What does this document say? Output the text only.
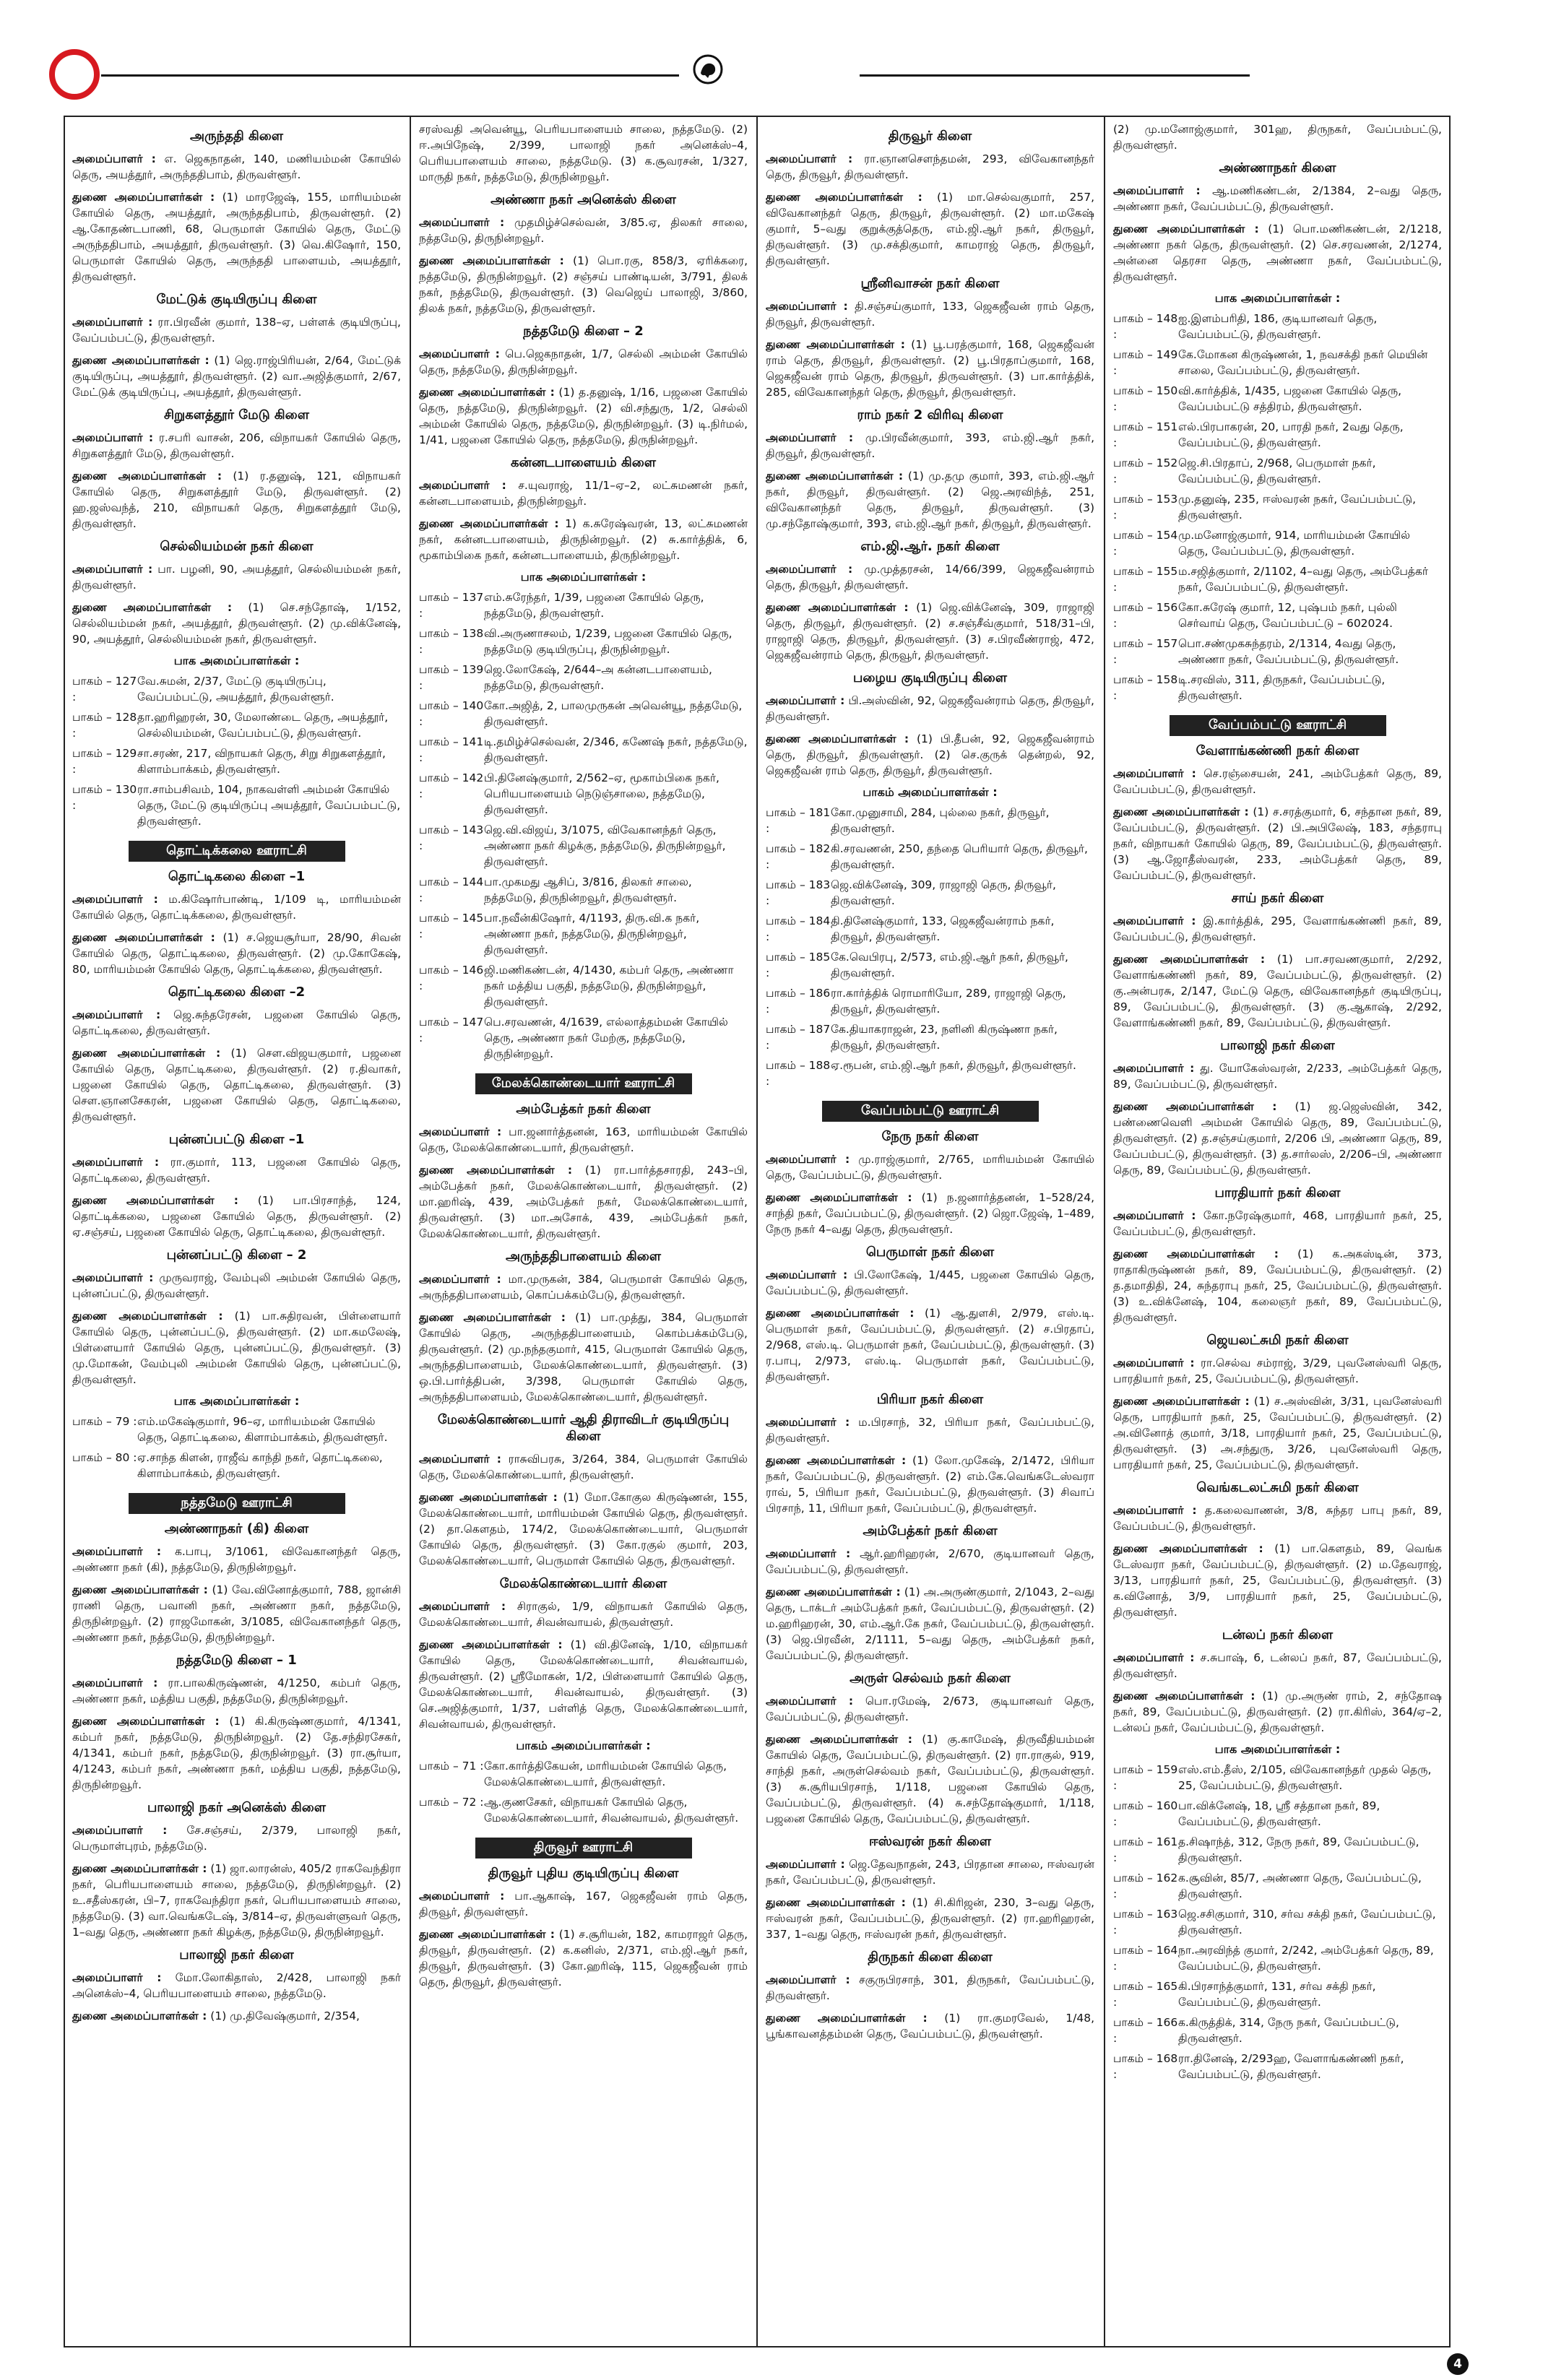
அருந்ததி கிளை

அமைப்பாளர் : எ. ஜெகநாதன், 140, மணியம்மன் கோயில் தெரு, அயத்தூர், அருந்ததிபாம், திருவள்ளூர்.

துணை அமைப்பாளர்கள் : (1) மாரஜேஷ், 155, மாரியம்மன் கோயில் தெரு, அயத்தூர், அருந்ததிபாம், திருவள்ளூர். (2) ஆ.கோதண்டபாணி, 68, பெருமாள் கோயில் தெரு, மேட்டு அருந்ததிபாம், அயத்தூர், திருவள்ளூர். (3) வெ.கிஷோர், 150, பெருமாள் கோயில் தெரு, அருந்ததி பாளையம், அயத்தூர், திருவள்ளூர்.

மேட்டுக் குடியிருப்பு கிளை

அமைப்பாளர் : ரா.பிரவீன் குமார், 138–ஏ, பள்ளக் குடியிருப்பு, வேப்பம்பட்டு, திருவள்ளூர்.

துணை அமைப்பாளர்கள் : (1) ஜெ.ராஜ்பிரியன், 2/64, மேட்டுக் குடியிருப்பு, அயத்தூர், திருவள்ளூர். (2) வா.அஜித்குமார், 2/67, மேட்டுக் குடியிருப்பு, அயத்தூர், திருவள்ளூர்.

சிறுகளத்தூர் மேடு கிளை

அமைப்பாளர் : ர.சபரி வாசன், 206, விநாயகர் கோயில் தெரு, சிறுகளத்தூர் மேடு, திருவள்ளூர்.

துணை அமைப்பாளர்கள் : (1) ர.தனுஷ், 121, விநாயகர் கோயில் தெரு, சிறுகளத்தூர் மேடு, திருவள்ளூர். (2) ஹ.ஜஸ்வந்த், 210, விநாயகர் தெரு, சிறுகளத்தூர் மேடு, திருவள்ளூர்.

செல்லியம்மன் நகர் கிளை

அமைப்பாளர் : பா. பழனி, 90, அயத்தூர், செல்லியம்மன் நகர், திருவள்ளூர்.

துணை அமைப்பாளர்கள் : (1) செ.சந்தோஷ், 1/152, செல்லியம்மன் நகர், அயத்தூர், திருவள்ளூர். (2) மு.விக்னேஷ், 90, அயத்தூர், செல்லியம்மன் நகர், திருவள்ளூர்.

பாக அமைப்பாளர்கள் :
பாகம் – 127 :
வே.சுமன், 2/37, மேட்டு குடியிருப்பு, வேப்பம்பட்டு, அயத்தூர், திருவள்ளூர்.
பாகம் – 128 :
தா.ஹரிஹரன், 30, மேலாண்டை தெரு, அயத்தூர், செல்லியம்மன், வேப்பம்பட்டு, திருவள்ளூர்.
பாகம் – 129 :
சா.சரண், 217, விநாயகர் தெரு, சிறு சிறுகளத்தூர், கிளாம்பாக்கம், திருவள்ளூர்.
பாகம் – 130 :
ரா.சாம்பசிவம், 104, நாகவள்ளி அம்மன் கோயில் தெரு, மேட்டு குடியிருப்பு அயத்தூர், வேப்பம்பட்டு, திருவள்ளூர்.
தொட்டிக்கலை ஊராட்சி
தொட்டிகலை கிளை –1

அமைப்பாளர் : ம.கிஷோர்பாண்டி, 1/109 டி, மாரியம்மன் கோயில் தெரு, தொட்டிக்கலை, திருவள்ளூர்.

துணை அமைப்பாளர்கள் : (1) ச.ஜெயசூர்யா, 28/90, சிவன் கோயில் தெரு, தொட்டிகலை, திருவள்ளூர். (2) மு.கோகேஷ், 80, மாரியம்மன் கோயில் தெரு, தொட்டிக்கலை, திருவள்ளூர்.

தொட்டிகலை கிளை –2

அமைப்பாளர் : ஜெ.சுந்தரேசன், பஜனை கோயில் தெரு, தொட்டிகலை, திருவள்ளூர்.

துணை அமைப்பாளர்கள் : (1) சௌ.விஜயகுமார், பஜனை கோயில் தெரு, தொட்டிகலை, திருவள்ளூர். (2) ர.திவாகர், பஜனை கோயில் தெரு, தொட்டிகலை, திருவள்ளூர். (3) சௌ.ஞானசேகரன், பஜனை கோயில் தெரு, தொட்டிகலை, திருவள்ளூர்.

புன்னப்பட்டு கிளை –1

அமைப்பாளர் : ரா.குமார், 113, பஜனை கோயில் தெரு, தொட்டிகலை, திருவள்ளூர்.

துணை அமைப்பாளர்கள் : (1) பா.பிரசாந்த், 124, தொட்டிக்கலை, பஜனை கோயில் தெரு, திருவள்ளூர். (2) ஏ.சஞ்சய், பஜனை கோயில் தெரு, தொட்டிகலை, திருவள்ளூர்.

புன்னப்பட்டு கிளை – 2

அமைப்பாளர் : முருவராஜ், வேம்புலி அம்மன் கோயில் தெரு, புன்னப்பட்டு, திருவள்ளூர்.

துணை அமைப்பாளர்கள் : (1) பா.சுதிரவன், பிள்ளையார் கோயில் தெரு, புன்னப்பட்டு, திருவள்ளூர். (2) மா.கமலேஷ், பிள்ளையார் கோயில் தெரு, புன்னப்பட்டு, திருவள்ளூர். (3) மு.மோகன், வேம்புலி அம்மன் கோயில் தெரு, புன்னப்பட்டு, திருவள்ளூர்.

பாக அமைப்பாளர்கள் :
பாகம் – 79 : எம்.மகேஷ்குமார், 96–ஏ, மாரியம்மன் கோயில் தெரு, தொட்டிகலை, கிளாம்பாக்கம், திருவள்ளூர்.
பாகம் – 80 : ஏ.சாந்த கிளன், ராஜீவ் காந்தி நகர், தொட்டிகலை, கிளாம்பாக்கம், திருவள்ளூர்.
நத்தமேடு ஊராட்சி
அண்ணாநகர் (கி) கிளை

அமைப்பாளர் : க.பாபு, 3/1061, விவேகானந்தர் தெரு, அண்ணா நகர் (கி), நத்தமேடு, திருநின்றவூர்.

துணை அமைப்பாளர்கள் : (1) வே.வினோத்குமார், 788, ஜான்சி ராணி தெரு, பவானி நகர், அண்ணா நகர், நத்தமேடு, திருநின்றவூர். (2) ராஜமோகன், 3/1085, விவேகானந்தர் தெரு, அண்ணா நகர், நத்தமேடு, திருநின்றவூர்.

நத்தமேடு கிளை – 1

அமைப்பாளர் : ரா.பாலகிருஷ்ணன், 4/1250, கம்பர் தெரு, அண்ணா நகர், மத்திய பகுதி, நத்தமேடு, திருநின்றவூர்.

துணை அமைப்பாளர்கள் : (1) கி.கிருஷ்ணகுமார், 4/1341, கம்பர் நகர், நத்தமேடு, திருநின்றவூர். (2) தே.சந்திரசேகர், 4/1341, கம்பர் நகர், நத்தமேடு, திருநின்றவூர். (3) ரா.சூர்யா, 4/1243, கம்பர் நகர், அண்ணா நகர், மத்திய பகுதி, நத்தமேடு, திருநின்றவூர்.

பாலாஜி நகர் அனெக்ஸ் கிளை

அமைப்பாளர் : சே.சஞ்சய், 2/379, பாலாஜி நகர், பெருமாள்புரம், நத்தமேடு.

துணை அமைப்பாளர்கள் : (1) ஜா.லாரன்ஸ், 405/2 ராகவேந்திரா நகர், பெரியபாளையம் சாலை, நத்தமேடு, திருநின்றவூர். (2) உ.சதீஸ்கரன், பி–7, ராகவேந்திரா நகர், பெரியபாளையம் சாலை, நத்தமேடு. (3) வா.வெங்கடேஷ், 3/814–ஏ, திருவள்ளுவர் தெரு, 1–வது தெரு, அண்ணா நகர் கிழக்கு, நத்தமேடு, திருநின்றவூர்.

பாலாஜி நகர் கிளை

அமைப்பாளர் : மோ.லோகிதாஸ், 2/428, பாலாஜி நகர் அனெக்ஸ்–4, பெரியபாளையம் சாலை, நத்தமேடு.

துணை அமைப்பாளர்கள் : (1) மு.திவேஷ்குமார், 2/354,

சரஸ்வதி அவென்யூ, பெரியபாளையம் சாலை, நத்தமேடு. (2) ஈ.அபிநேஷ், 2/399, பாலாஜி நகர் அனெக்ஸ்–4, பெரியபாளையம் சாலை, நத்தமேடு. (3) க.சூவரசன், 1/327, மாருதி நகர், நத்தமேடு, திருநின்றவூர்.

அண்ணா நகர் அனெக்ஸ் கிளை

அமைப்பாளர் : முதமிழ்ச்செல்வன், 3/85.ஏ, திலகர் சாலை, நத்தமேடு, திருநின்றவூர்.

துணை அமைப்பாளர்கள் : (1) பொ.ரகு, 858/3, ஏரிக்கரை, நத்தமேடு, திருநின்றவூர். (2) சஞ்சய் பாண்டியன், 3/791, திலக் நகர், நத்தமேடு, திருவள்ளூர். (3) வெஜெய் பாலாஜி, 3/860, திலக் நகர், நத்தமேடு, திருவள்ளூர்.

நத்தமேடு கிளை – 2

அமைப்பாளர் : பெ.ஜெகநாதன், 1/7, செல்லி அம்மன் கோயில் தெரு, நத்தமேடு, திருநின்றவூர்.

துணை அமைப்பாளர்கள் : (1) த.தனுஷ், 1/16, பஜனை கோயில் தெரு, நத்தமேடு, திருநின்றவூர். (2) வி.சந்துரு, 1/2, செல்லி அம்மன் கோயில் தெரு, நத்தமேடு, திருநின்றவூர். (3) டி.நிர்மல், 1/41, பஜனை கோயில் தெரு, நத்தமேடு, திருநின்றவூர்.

கன்னடபாளையம் கிளை

அமைப்பாளர் : ச.யுவராஜ், 11/1–ஏ–2, லட்சுமணன் நகர், கன்னடபாளையம், திருநின்றவூர்.

துணை அமைப்பாளர்கள் : 1) க.சுரேஷ்வரன், 13, லட்சுமணன் நகர், கன்னடபாளையம், திருநின்றவூர். (2) சு.கார்த்திக், 6, மூகாம்பிகை நகர், கன்னடபாளையம், திருநின்றவூர்.

பாக அமைப்பாளர்கள் :
பாகம் – 137 :
எம்.சுரேந்தர், 1/39, பஜனை கோயில் தெரு, நத்தமேடு, திருவள்ளூர்.
பாகம் – 138 :
வி.அருணாசலம், 1/239, பஜனை கோயில் தெரு, நத்தமேடு குடியிருப்பு, திருநின்றவூர்.
பாகம் – 139 :
ஜெ.லோகேஷ், 2/644–அ கன்னடபாளையம், நத்தமேடு, திருவள்ளூர்.
பாகம் – 140 :
கோ.அஜித், 2, பாலமுருகன் அவென்யூ, நத்தமேடு, திருவள்ளூர்.
பாகம் – 141 :
டி.தமிழ்ச்செல்வன், 2/346, கணேஷ் நகர், நத்தமேடு, திருவள்ளூர்.
பாகம் – 142 :
பி.தினேஷ்குமார், 2/562–ஏ, மூகாம்பிகை நகர், பெரியபாளையம் நெடுஞ்சாலை, நத்தமேடு, திருவள்ளூர்.
பாகம் – 143 :
ஜெ.வி.விஜய், 3/1075, விவேகானந்தர் தெரு, அண்ணா நகர் கிழக்கு, நத்தமேடு, திருநின்றவூர், திருவள்ளூர்.
பாகம் – 144 :
பா.முகமது ஆசிப், 3/816, திலகர் சாலை, நத்தமேடு, திருநின்றவூர், திருவள்ளூர்.
பாகம் – 145 :
பா.நவீன்கிஷோர், 4/1193, திரு.வி.க நகர், அண்ணா நகர், நத்தமேடு, திருநின்றவூர், திருவள்ளூர்.
பாகம் – 146 :
ஜி.மணிகண்டன், 4/1430, கம்பர் தெரு, அண்ணா நகர் மத்திய பகுதி, நத்தமேடு, திருநின்றவூர், திருவள்ளூர்.
பாகம் – 147 :
பெ.சரவணன், 4/1639, எல்லாத்தம்மன் கோயில் தெரு, அண்ணா நகர் மேற்கு, நத்தமேடு, திருநின்றவூர்.
மேலக்கொண்டையார் ஊராட்சி
அம்பேத்கர் நகர் கிளை

அமைப்பாளர் : பா.ஜனார்த்தனன், 163, மாரியம்மன் கோயில் தெரு, மேலக்கொண்டையார், திருவள்ளூர்.

துணை அமைப்பாளர்கள் : (1) ரா.பார்த்தசாரதி, 243–பி, அம்பேத்கர் நகர், மேலக்கொண்டையார், திருவள்ளூர். (2) மா.ஹரிஷ், 439, அம்பேத்கர் நகர், மேலக்கொண்டையார், திருவள்ளூர். (3) மா.அசோக், 439, அம்பேத்கர் நகர், மேலக்கொண்டையார், திருவள்ளூர்.

அருந்ததிபாளையம் கிளை

அமைப்பாளர் : மா.முருகன், 384, பெருமாள் கோயில் தெரு, அருந்ததிபாளையம், கொப்பக்கம்பேடு, திருவள்ளூர்.

துணை அமைப்பாளர்கள் : (1) பா.முத்து, 384, பெருமாள் கோயில் தெரு, அருந்ததிபாளையம், கொம்பக்கம்பேடு, திருவள்ளூர். (2) மு.நந்தகுமார், 415, பெருமாள் கோயில் தெரு, அருந்ததிபாளையம், மேலக்கொண்டையார், திருவள்ளூர். (3) ஒ.பி.பார்த்திபன், 3/398, பெருமாள் கோயில் தெரு, அருந்ததிபாளையம், மேலக்கொண்டையார், திருவள்ளூர்.

மேலக்கொண்டையார் ஆதி திராவிடர் குடியிருப்பு கிளை

அமைப்பாளர் : ராசுவிபரசு, 3/264, 384, பெருமாள் கோயில் தெரு, மேலக்கொண்டையார், திருவள்ளூர்.

துணை அமைப்பாளர்கள் : (1) மோ.கோகுல கிருஷ்ணன், 155, மேலக்கொண்டையார், மாரியம்மன் கோயில் தெரு, திருவள்ளூர். (2) தா.கௌதம், 174/2, மேலக்கொண்டையார், பெருமாள் கோயில் தெரு, திருவள்ளூர். (3) கோ.ரகுல் குமார், 203, மேலக்கொண்டையார், பெருமாள் கோயில் தெரு, திருவள்ளூர்.

மேலக்கொண்டையார் கிளை

அமைப்பாளர் : சிராகுல், 1/9, விநாயகர் கோயில் தெரு, மேலக்கொண்டையார், சிவன்வாயல், திருவள்ளூர்.

துணை அமைப்பாளர்கள் : (1) வி.தினேஷ், 1/10, விநாயகர் கோயில் தெரு, மேலக்கொண்டையார், சிவன்வாயல், திருவள்ளூர். (2) ஸ்ரீமோகன், 1/2, பிள்ளையார் கோயில் தெரு, மேலக்கொண்டையார், சிவன்வாயல், திருவள்ளூர். (3) செ.அஜித்குமார், 1/37, பள்ளித் தெரு, மேலக்கொண்டையார், சிவன்வாயல், திருவள்ளூர்.

பாகம் அமைப்பாளர்கள் :
பாகம் – 71 : கோ.கார்த்திகேயன், மாரியம்மன் கோயில் தெரு, மேலக்கொண்டையார், திருவள்ளூர்.
பாகம் – 72 : ஆ.குணசேகர், விநாயகர் கோயில் தெரு, மேலக்கொண்டையார், சிவன்வாயல், திருவள்ளூர்.
திருவூர் ஊராட்சி
திருவூர் புதிய குடியிருப்பு கிளை

அமைப்பாளர் : பா.ஆகாஷ், 167, ஜெகஜீவன் ராம் தெரு, திருவூர், திருவள்ளூர்.

துணை அமைப்பாளர்கள் : (1) ச.சூரியன், 182, காமராஜர் தெரு, திருவூர், திருவள்ளூர். (2) க.கனிஸ், 2/371, எம்.ஜி.ஆர் நகர், திருவூர், திருவள்ளூர். (3) கோ.ஹரிஷ், 115, ஜெகஜீவன் ராம் தெரு, திருவூர், திருவள்ளூர்.

திருவூர் கிளை

அமைப்பாளர் : ரா.ஞானசௌந்தமன், 293, விவேகானந்தர் தெரு, திருவூர், திருவள்ளூர்.

துணை அமைப்பாளர்கள் : (1) மா.செல்வகுமார், 257, விவேகானந்தர் தெரு, திருவூர், திருவள்ளூர். (2) மா.மகேஷ் குமார், 5–வது குறுக்குத்தெரு, எம்.ஜி.ஆர் நகர், திருவூர், திருவள்ளூர். (3) மு.சக்திகுமார், காமராஜ் தெரு, திருவூர், திருவள்ளூர்.

ஸ்ரீனிவாசன் நகர் கிளை

அமைப்பாளர் : தி.சஞ்சய்குமார், 133, ஜெகஜீவன் ராம் தெரு, திருவூர், திருவள்ளூர்.

துணை அமைப்பாளர்கள் : (1) பூ.பரத்குமார், 168, ஜெகஜீவன் ராம் தெரு, திருவூர், திருவள்ளூர். (2) பூ.பிரதாப்குமார், 168, ஜெகஜீவன் ராம் தெரு, திருவூர், திருவள்ளூர். (3) பா.கார்த்திக், 285, விவேகானந்தர் தெரு, திருவூர், திருவள்ளூர்.

ராம் நகர் 2 விரிவு கிளை

அமைப்பாளர் : மு.பிரவீன்குமார், 393, எம்.ஜி.ஆர் நகர், திருவூர், திருவள்ளூர்.

துணை அமைப்பாளர்கள் : (1) மு.தமு குமார், 393, எம்.ஜி.ஆர் நகர், திருவூர், திருவள்ளூர். (2) ஜெ.அரவிந்த், 251, விவேகானந்தர் தெரு, திருவூர், திருவள்ளூர். (3) மு.சந்தோஷ்குமார், 393, எம்.ஜி.ஆர் நகர், திருவூர், திருவள்ளூர்.

எம்.ஜி.ஆர். நகர் கிளை

அமைப்பாளர் : மு.முத்தரசன், 14/66/399, ஜெகஜீவன்ராம் தெரு, திருவூர், திருவள்ளூர்.

துணை அமைப்பாளர்கள் : (1) ஜெ.விக்னேஷ், 309, ராஜாஜி தெரு, திருவூர், திருவள்ளூர். (2) ச.சஞ்சீவ்குமார், 518/31–பி, ராஜாஜி தெரு, திருவூர், திருவள்ளூர். (3) ச.பிரவீண்ராஜ், 472, ஜெகஜீவன்ராம் தெரு, திருவூர், திருவள்ளூர்.

பழைய குடியிருப்பு கிளை

அமைப்பாளர் : பி.அஸ்வின், 92, ஜெகஜீவன்ராம் தெரு, திருவூர், திருவள்ளூர்.

துணை அமைப்பாளர்கள் : (1) பி.தீபன், 92, ஜெகஜீவன்ராம் தெரு, திருவூர், திருவள்ளூர். (2) செ.குருக் தென்றல், 92, ஜெகஜீவன் ராம் தெரு, திருவூர், திருவள்ளூர்.

பாகம் அமைப்பாளர்கள் :
பாகம் – 181 :
கோ.முனுசாமி, 284, புல்லை நகர், திருவூர், திருவள்ளூர்.
பாகம் – 182 :
கி.சரவணன், 250, தந்தை பெரியார் தெரு, திருவூர், திருவள்ளூர்.
பாகம் – 183 :
ஜெ.விக்னேஷ், 309, ராஜாஜி தெரு, திருவூர், திருவள்ளூர்.
பாகம் – 184 :
தி.தினேஷ்குமார், 133, ஜெகஜீவன்ராம் நகர், திருவூர், திருவள்ளூர்.
பாகம் – 185 :
கே.வெபிரபு, 2/573, எம்.ஜி.ஆர் நகர், திருவூர், திருவள்ளூர்.
பாகம் – 186 :
ரா.கார்த்திக் ரொமாரியோ, 289, ராஜாஜி தெரு, திருவூர், திருவள்ளூர்.
பாகம் – 187 :
கே.தியாகராஜன், 23, நளினி கிருஷ்ணா நகர், திருவூர், திருவள்ளூர்.
பாகம் – 188 :
ஏ.ரூபன், எம்.ஜி.ஆர் நகர், திருவூர், திருவள்ளூர்.
வேப்பம்பட்டு ஊராட்சி
நேரு நகர் கிளை

அமைப்பாளர் : மு.ராஜ்குமார், 2/765, மாரியம்மன் கோயில் தெரு, வேப்பம்பட்டு, திருவள்ளூர்.

துணை அமைப்பாளர்கள் : (1) ந.ஜனார்த்தனன், 1–528/24, சாந்தி நகர், வேப்பம்பட்டு, திருவள்ளூர். (2) ஜொ.ஜேஷ், 1–489, நேரு நகர் 4–வது தெரு, திருவள்ளூர்.

பெருமாள் நகர் கிளை

அமைப்பாளர் : பி.லோகேஷ், 1/445, பஜனை கோயில் தெரு, வேப்பம்பட்டு, திருவள்ளூர்.

துணை அமைப்பாளர்கள் : (1) ஆ.துளசி, 2/979, எஸ்.டி. பெருமாள் நகர், வேப்பம்பட்டு, திருவள்ளூர். (2) ச.பிரதாப், 2/968, எஸ்.டி. பெருமாள் நகர், வேப்பம்பட்டு, திருவள்ளூர். (3) ர.பாபு, 2/973, எஸ்.டி. பெருமாள் நகர், வேப்பம்பட்டு, திருவள்ளூர்.

பிரியா நகர் கிளை

அமைப்பாளர் : ம.பிரசாந், 32, பிரியா நகர், வேப்பம்பட்டு, திருவள்ளூர்.

துணை அமைப்பாளர்கள் : (1) லோ.முகேஷ், 2/1472, பிரியா நகர், வேப்பம்பட்டு, திருவள்ளூர். (2) எம்.கே.வெங்கடேஸ்வரா ராவ், 5, பிரியா நகர், வேப்பம்பட்டு, திருவள்ளூர். (3) சிவாப் பிரசாந், 11, பிரியா நகர், வேப்பம்பட்டு, திருவள்ளூர்.

அம்பேத்கர் நகர் கிளை

அமைப்பாளர் : ஆர்.ஹரிஹரன், 2/670, குடியானவர் தெரு, வேப்பம்பட்டு, திருவள்ளூர்.

துணை அமைப்பாளர்கள் : (1) அ.அருண்குமார், 2/1043, 2–வது தெரு, டாக்டர் அம்பேத்கர் நகர், வேப்பம்பட்டு, திருவள்ளூர். (2) ம.ஹரிஹரன், 30, எம்.ஆர்.கே நகர், வேப்பம்பட்டு, திருவள்ளூர். (3) ஜெ.பிரவீன், 2/1111, 5–வது தெரு, அம்பேத்கர் நகர், வேப்பம்பட்டு, திருவள்ளூர்.

அருள் செல்வம் நகர் கிளை

அமைப்பாளர் : பொ.ரமேஷ், 2/673, குடியானவர் தெரு, வேப்பம்பட்டு, திருவள்ளூர்.

துணை அமைப்பாளர்கள் : (1) கு.காமேஷ், திருவீதியம்மன் கோயில் தெரு, வேப்பம்பட்டு, திருவள்ளூர். (2) ரா.ராகுல், 919, சாந்தி நகர், அருள்செல்வம் நகர், வேப்பம்பட்டு, திருவள்ளூர். (3) சு.சூரியபிரசாந், 1/118, பஜனை கோயில் தெரு, வேப்பம்பட்டு, திருவள்ளூர். (4) சு.சந்தோஷ்குமார், 1/118, பஜனை கோயில் தெரு, வேப்பம்பட்டு, திருவள்ளூர்.

ஈஸ்வரன் நகர் கிளை

அமைப்பாளர் : ஜெ.தேவநாதன், 243, பிரதான சாலை, ஈஸ்வரன் நகர், வேப்பம்பட்டு, திருவள்ளூர்.

துணை அமைப்பாளர்கள் : (1) சி.கிரிஜன், 230, 3–வது தெரு, ஈஸ்வரன் நகர், வேப்பம்பட்டு, திருவள்ளூர். (2) ரா.ஹரிஹரன், 337, 1–வது தெரு, ஈஸ்வரன் நகர், திருவள்ளூர்.

திருநகர் கிளை கிளை

அமைப்பாளர் : சகுருபிரசாந், 301, திருநகர், வேப்பம்பட்டு, திருவள்ளூர்.

துணை அமைப்பாளர்கள் : (1) ரா.குமரவேல், 1/48, பூங்காவனத்தம்மன் தெரு, வேப்பம்பட்டு, திருவள்ளூர்.

(2) மு.மனோஜ்குமார், 301ஹ, திருநகர், வேப்பம்பட்டு, திருவள்ளூர்.

அண்ணாநகர் கிளை

அமைப்பாளர் : ஆ.மணிகண்டன், 2/1384, 2–வது தெரு, அண்ணா நகர், வேப்பம்பட்டு, திருவள்ளூர்.

துணை அமைப்பாளர்கள் : (1) பொ.மணிகண்டன், 2/1218, அண்ணா நகர் தெரு, திருவள்ளூர். (2) செ.சரவணன், 2/1274, அன்னை தெரசா தெரு, அண்ணா நகர், வேப்பம்பட்டு, திருவள்ளூர்.

பாக அமைப்பாளர்கள் :
பாகம் – 148 :
ஐ.இளம்பரிதி, 186, குடியானவர் தெரு, வேப்பம்பட்டு, திருவள்ளூர்.
பாகம் – 149 :
கே.மோகன கிருஷ்ணன், 1, நவசக்தி நகர் மெயின் சாலை, வேப்பம்பட்டு, திருவள்ளூர்.
பாகம் – 150 :
வி.கார்த்திக், 1/435, பஜனை கோயில் தெரு, வேப்பம்பட்டு சத்திரம், திருவள்ளூர்.
பாகம் – 151 :
எல்.பிரபாகரன், 20, பாரதி நகர், 2வது தெரு, வேப்பம்பட்டு, திருவள்ளூர்.
பாகம் – 152 :
ஜெ.சி.பிரதாப், 2/968, பெருமாள் நகர், வேப்பம்பட்டு, திருவள்ளூர்.
பாகம் – 153 :
மு.தனுஷ், 235, ஈஸ்வரன் நகர், வேப்பம்பட்டு, திருவள்ளூர்.
பாகம் – 154 :
மு.மனோஜ்குமார், 914, மாரியம்மன் கோயில் தெரு, வேப்பம்பட்டு, திருவள்ளூர்.
பாகம் – 155 :
ம.சஜித்குமார், 2/1102, 4–வது தெரு, அம்பேத்கர் நகர், வேப்பம்பட்டு, திருவள்ளூர்.
பாகம் – 156 :
கோ.சுரேஷ் குமார், 12, புஷ்பம் நகர், புல்லி செர்வாய் தெரு, வேப்பம்பட்டு – 602024.
பாகம் – 157 :
பொ.சண்முகசுந்தரம், 2/1314, 4வது தெரு, அண்ணா நகர், வேப்பம்பட்டு, திருவள்ளூர்.
பாகம் – 158 :
டி.சரவிஸ், 311, திருநகர், வேப்பம்பட்டு, திருவள்ளூர்.
வேப்பம்பட்டு ஊராட்சி
வேளாங்கண்ணி நகர் கிளை

அமைப்பாளர் : செ.ரஞ்சையன், 241, அம்பேத்கர் தெரு, 89, வேப்பம்பட்டு, திருவள்ளூர்.

துணை அமைப்பாளர்கள் : (1) ச.சரத்குமார், 6, சந்தான நகர், 89, வேப்பம்பட்டு, திருவள்ளூர். (2) பி.அபிலேஷ், 183, சந்தராபு நகர், விநாயகர் கோயில் தெரு, 89, வேப்பம்பட்டு, திருவள்ளூர். (3) ஆ.ஜோதீஸ்வரன், 233, அம்பேத்கர் தெரு, 89, வேப்பம்பட்டு, திருவள்ளூர்.

சாய் நகர் கிளை

அமைப்பாளர் : இ.கார்த்திக், 295, வேளாங்கண்ணி நகர், 89, வேப்பம்பட்டு, திருவள்ளூர்.

துணை அமைப்பாளர்கள் : (1) பா.சரவணகுமார், 2/292, வேளாங்கண்ணி நகர், 89, வேப்பம்பட்டு, திருவள்ளூர். (2) கு.அன்பரசு, 2/147, மேட்டு தெரு, விவேகானந்தர் குடியிருப்பு, 89, வேப்பம்பட்டு, திருவள்ளூர். (3) கு.ஆகாஷ், 2/292, வேளாங்கண்ணி நகர், 89, வேப்பம்பட்டு, திருவள்ளூர்.

பாலாஜி நகர் கிளை

அமைப்பாளர் : து. யோகேஸ்வரன், 2/233, அம்பேத்கர் தெரு, 89, வேப்பம்பட்டு, திருவள்ளூர்.

துணை அமைப்பாளர்கள் : (1) ஜ.ஜெஸ்வின், 342, பண்ணைவெளி அம்மன் கோயில் தெரு, 89, வேப்பம்பட்டு, திருவள்ளூர். (2) த.சஞ்சய்குமார், 2/206 பி, அண்ணா தெரு, 89, வேப்பம்பட்டு, திருவள்ளூர். (3) த.சார்லஸ், 2/206–பி, அண்ணா தெரு, 89, வேப்பம்பட்டு, திருவள்ளூர்.

பாரதியார் நகர் கிளை

அமைப்பாளர் : கோ.நரேஷ்குமார், 468, பாரதியார் நகர், 25, வேப்பம்பட்டு, திருவள்ளூர்.

துணை அமைப்பாளர்கள் : (1) க.அகஸ்டின், 373, ராதாகிருஷ்ணன் நகர், 89, வேப்பம்பட்டு, திருவள்ளூர். (2) த.தமாதிதி, 24, சுந்தராபு நகர், 25, வேப்பம்பட்டு, திருவள்ளூர். (3) உ.விக்னேஷ், 104, கலைஞர் நகர், 89, வேப்பம்பட்டு, திருவள்ளூர்.

ஜெயலட்சுமி நகர் கிளை

அமைப்பாளர் : ரா.செல்வ சம்ராஜ், 3/29, புவனேஸ்வரி தெரு, பாரதியார் நகர், 25, வேப்பம்பட்டு, திருவள்ளூர்.

துணை அமைப்பாளர்கள் : (1) ச.அஸ்வின், 3/31, புவனேஸ்வரி தெரு, பாரதியார் நகர், 25, வேப்பம்பட்டு, திருவள்ளூர். (2) அ.வினோத் குமார், 3/18, பாரதியார் நகர், 25, வேப்பம்பட்டு, திருவள்ளூர். (3) அ.சந்துரு, 3/26, புவனேஸ்வரி தெரு, பாரதியார் நகர், 25, வேப்பம்பட்டு, திருவள்ளூர்.

வெங்கடலட்சுமி நகர் கிளை

அமைப்பாளர் : த.கலைவாணன், 3/8, சுந்தர பாபு நகர், 89, வேப்பம்பட்டு, திருவள்ளூர்.

துணை அமைப்பாளர்கள் : (1) பா.கௌதம், 89, வெங்க டேஸ்வரா நகர், வேப்பம்பட்டு, திருவள்ளூர். (2) ம.தேவராஜ், 3/13, பாரதியார் நகர், 25, வேப்பம்பட்டு, திருவள்ளூர். (3) க.வினோத், 3/9, பாரதியார் நகர், 25, வேப்பம்பட்டு, திருவள்ளூர்.

டன்லப் நகர் கிளை

அமைப்பாளர் : ச.சுபாஷ், 6, டன்லப் நகர், 87, வேப்பம்பட்டு, திருவள்ளூர்.

துணை அமைப்பாளர்கள் : (1) மு.அருண் ராம், 2, சந்தோஷ நகர், 89, வேப்பம்பட்டு, திருவள்ளூர். (2) ரா.கிரிஸ், 364/ஏ–2, டன்லப் நகர், வேப்பம்பட்டு, திருவள்ளூர்.

பாக அமைப்பாளர்கள் :
பாகம் – 159 :
எஸ்.எம்.தீஸ், 2/105, விவேகானந்தர் முதல் தெரு, 25, வேப்பம்பட்டு, திருவள்ளூர்.
பாகம் – 160 :
பா.விக்னேஷ், 18, ஸ்ரீ சத்தான நகர், 89, வேப்பம்பட்டு, திருவள்ளூர்.
பாகம் – 161 :
த.சிஷாந்த், 312, நேரு நகர், 89, வேப்பம்பட்டு, திருவள்ளூர்.
பாகம் – 162 :
க.சூவின், 85/7, அண்ணா தெரு, வேப்பம்பட்டு, திருவள்ளூர்.
பாகம் – 163 :
ஜெ.சசிகுமார், 310, சர்வ சக்தி நகர், வேப்பம்பட்டு, திருவள்ளூர்.
பாகம் – 164 :
நா.அரவிந்த் குமார், 2/242, அம்பேத்கர் தெரு, 89, வேப்பம்பட்டு, திருவள்ளூர்.
பாகம் – 165 :
கி.பிரசாந்த்குமார், 131, சர்வ சக்தி நகர், வேப்பம்பட்டு, திருவள்ளூர்.
பாகம் – 166 :
க.கிருத்திக், 314, நேரு நகர், வேப்பம்பட்டு, திருவள்ளூர்.
பாகம் – 168 :
ரா.தினேஷ், 2/293ஹ, வேளாங்கண்ணி நகர், வேப்பம்பட்டு, திருவள்ளூர்.
4
